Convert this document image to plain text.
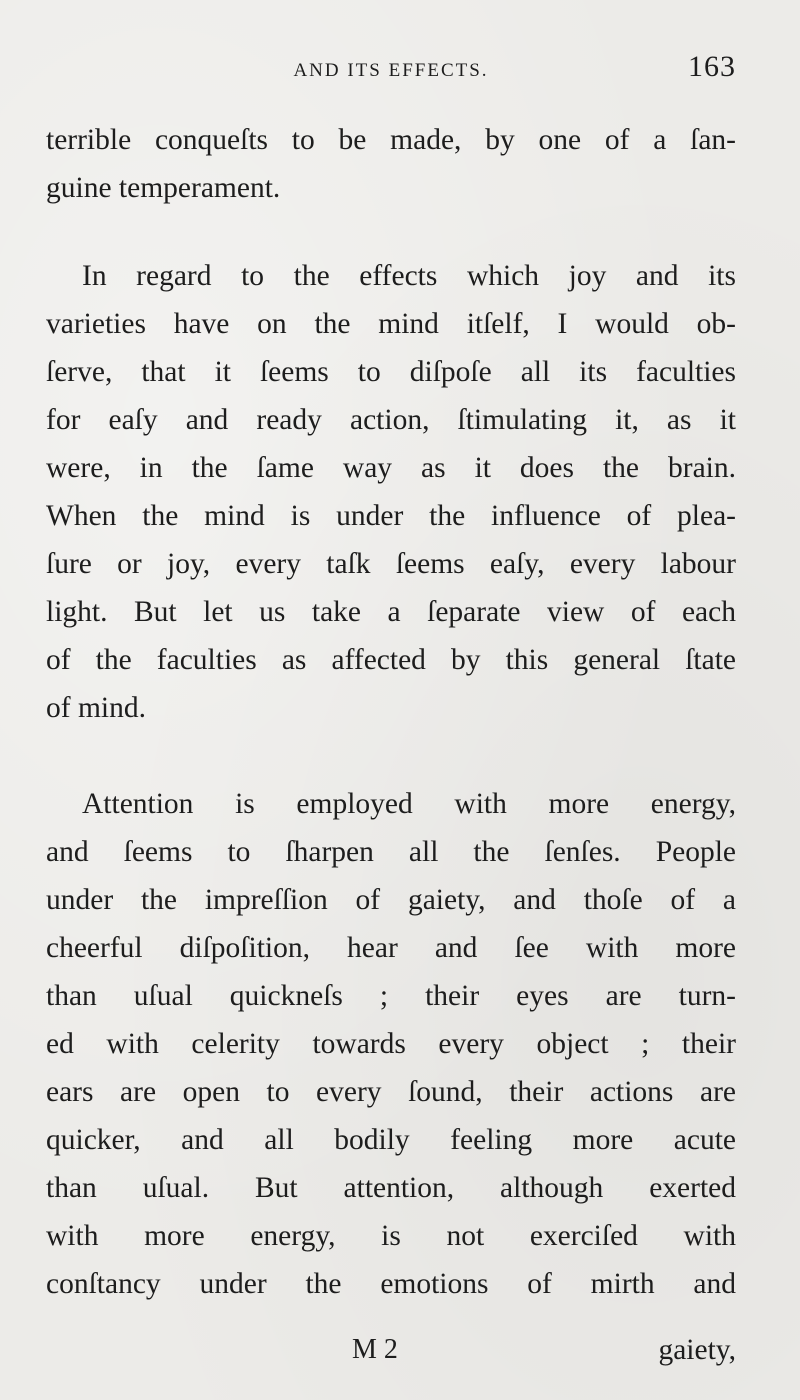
AND ITS EFFECTS.	163
terrible conqueſts to be made, by one of a ſan-
guine temperament.
In regard to the effects which joy and its
varieties have on the mind itſelf, I would ob-
ſerve, that it ſeems to diſpoſe all its faculties
for eaſy and ready action, ſtimulating it, as it
were, in the ſame way as it does the brain.
When the mind is under the influence of plea-
ſure or joy, every taſk ſeems eaſy, every labour
light. But let us take a ſeparate view of each
of the faculties as affected by this general ſtate
of mind.
Attention is employed with more energy,
and ſeems to ſharpen all the ſenſes. People
under the impreſſion of gaiety, and thoſe of a
cheerful diſpoſition, hear and ſee with more
than uſual quickneſs ; their eyes are turn-
ed with celerity towards every object ; their
ears are open to every ſound, their actions are
quicker, and all bodily feeling more acute
than uſual. But attention, although exerted
with more energy, is not exerciſed with
conſtancy under the emotions of mirth and
M 2	gaiety,
